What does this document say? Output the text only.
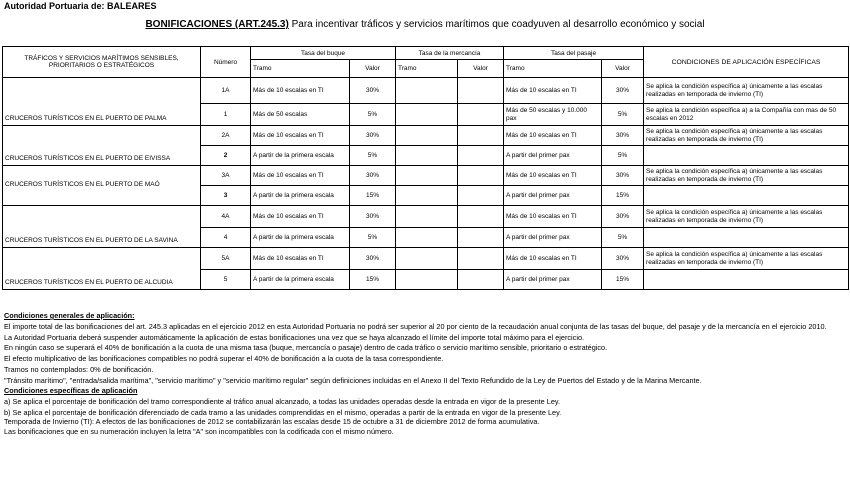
Autoridad Portuaria de: BALEARES
BONIFICACIONES (ART.245.3) Para incentivar tráficos y servicios marítimos que coadyuven al desarrollo económico y social
TRÁFICOS Y SERVICIOS MARÍTIMOS SENSIBLES, PRIORITARIOS O ESTRATÉGICOS	Número	Tasa del buque		Tasa de la mercancía		Tasa del pasaje		CONDICIONES DE APLICACIÓN ESPECÍFICAS
		Tramo	Valor	Tramo	Valor	Tramo	Valor	
CRUCEROS TURÍSTICOS EN EL PUERTO DE PALMA	1A	Más de 10 escalas en TI	30%			Más de 10 escalas en TI	30%	Se aplica la condición específica a) únicamente a las escalas realizadas en temporada de invierno (TI)
	1	Más de 50 escalas	5%			Más de 50 escalas y 10.000 pax	5%	Se aplica la condición específica a) a la Compañía con mas de 50 escalas en 2012
CRUCEROS TURÍSTICOS EN EL PUERTO DE EIVISSA	2A	Más de 10 escalas en TI	30%			Más de 10 escalas en TI	30%	Se aplica la condición específica a) únicamente a las escalas realizadas en temporada de invierno (TI)
	2	A partir de la primera escala	5%			A partir del primer pax	5%	
CRUCEROS TURÍSTICOS EN EL PUERTO DE MAÓ	3A	Más de 10 escalas en TI	30%			Más de 10 escalas en TI	30%	Se aplica la condición específica a) únicamente a las escalas realizadas en temporada de invierno (TI)
	3	A partir de la primera escala	15%			A partir del primer pax	15%	
CRUCEROS TURÍSTICOS EN EL PUERTO DE LA SAVINA	4A	Más de 10 escalas en TI	30%			Más de 10 escalas en TI	30%	Se aplica la condición específica a) únicamente a las escalas realizadas en temporada de invierno (TI)
	4	A partir de la primera escala	5%			A partir del primer pax	5%	
CRUCEROS TURÍSTICOS EN EL PUERTO DE ALCUDIA	5A	Más de 10 escalas en TI	30%			Más de 10 escalas en TI	30%	Se aplica la condición específica a) únicamente a las escalas realizadas en temporada de invierno (TI)
	5	A partir de la primera escala	15%			A partir del primer pax	15%	

Condiciones generales de aplicación:

El importe total de las bonificaciones del art. 245.3 aplicadas en el ejercicio 2012 en esta Autoridad Portuaria no podrá ser superior al 20 por ciento de la recaudación anual conjunta de las tasas del buque, del pasaje y de la mercancía en el ejercicio 2010.

La Autoridad Portuaria deberá suspender automáticamente la aplicación de estas bonificaciones una vez que se haya alcanzado el límite del importe total máximo para el ejercicio.

En ningún caso se superará el 40% de bonificación a la cuota de una misma tasa (buque, mercancía o pasaje) dentro de cada tráfico o servicio marítimo sensible, prioritario o estratégico.

El efecto multiplicativo de las bonificaciones compatibles no podrá superar el 40% de bonificación a la cuota de la tasa correspondiente.

Tramos no contemplados: 0% de bonificación.

"Tránsito marítimo", "entrada/salida marítima", "servicio marítimo" y "servicio marítimo regular" según definiciones incluidas en el Anexo II del Texto Refundido de la Ley de Puertos del Estado y de la Marina Mercante.

Condiciones específicas de aplicación

a) Se aplica el porcentaje de bonificación del tramo correspondiente al tráfico anual alcanzado, a todas las unidades operadas desde la entrada en vigor de la presente Ley.

b) Se aplica el porcentaje de bonificación diferenciado de cada tramo a las unidades comprendidas en el mismo, operadas a partir de la entrada en vigor de la presente Ley.

Temporada de Invierno (TI): A efectos de las bonificaciones de 2012 se contabilizarán las escalas desde 15 de octubre a 31 de diciembre 2012 de forma acumulativa.

Las bonificaciones que en su numeración incluyen la letra "A" son incompatibles con la codificada con el mismo número.
